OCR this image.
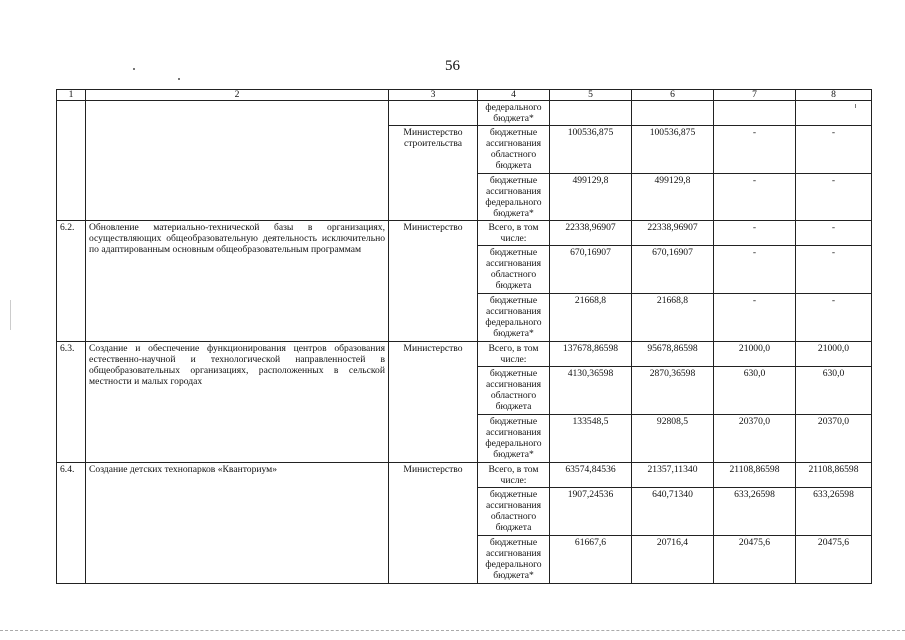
56
1	2	3	4	5	6	7	8
			федерального бюджета*				
		Министерство строительства	бюджетные ассигнования областного бюджета	100536,875	100536,875	-	-
			бюджетные ассигнования федерального бюджета*	499129,8	499129,8	-	-
6.2.	Обновление материально-технической базы в организациях, осуществляющих общеобразовательную деятельность исключительно по адаптированным основным общеобразовательным программам	Министерство	Всего, в том числе:	22338,96907	22338,96907	-	-
			бюджетные ассигнования областного бюджета	670,16907	670,16907	-	-
			бюджетные ассигнования федерального бюджета*	21668,8	21668,8	-	-
6.3.	Создание и обеспечение функционирования центров образования естественно-научной и технологической направленностей в общеобразовательных организациях, расположенных в сельской местности и малых городах	Министерство	Всего, в том числе:	137678,86598	95678,86598	21000,0	21000,0
			бюджетные ассигнования областного бюджета	4130,36598	2870,36598	630,0	630,0
			бюджетные ассигнования федерального бюджета*	133548,5	92808,5	20370,0	20370,0
6.4.	Создание детских технопарков «Кванториум»	Министерство	Всего, в том числе:	63574,84536	21357,11340	21108,86598	21108,86598
			бюджетные ассигнования областного бюджета	1907,24536	640,71340	633,26598	633,26598
			бюджетные ассигнования федерального бюджета*	61667,6	20716,4	20475,6	20475,6
